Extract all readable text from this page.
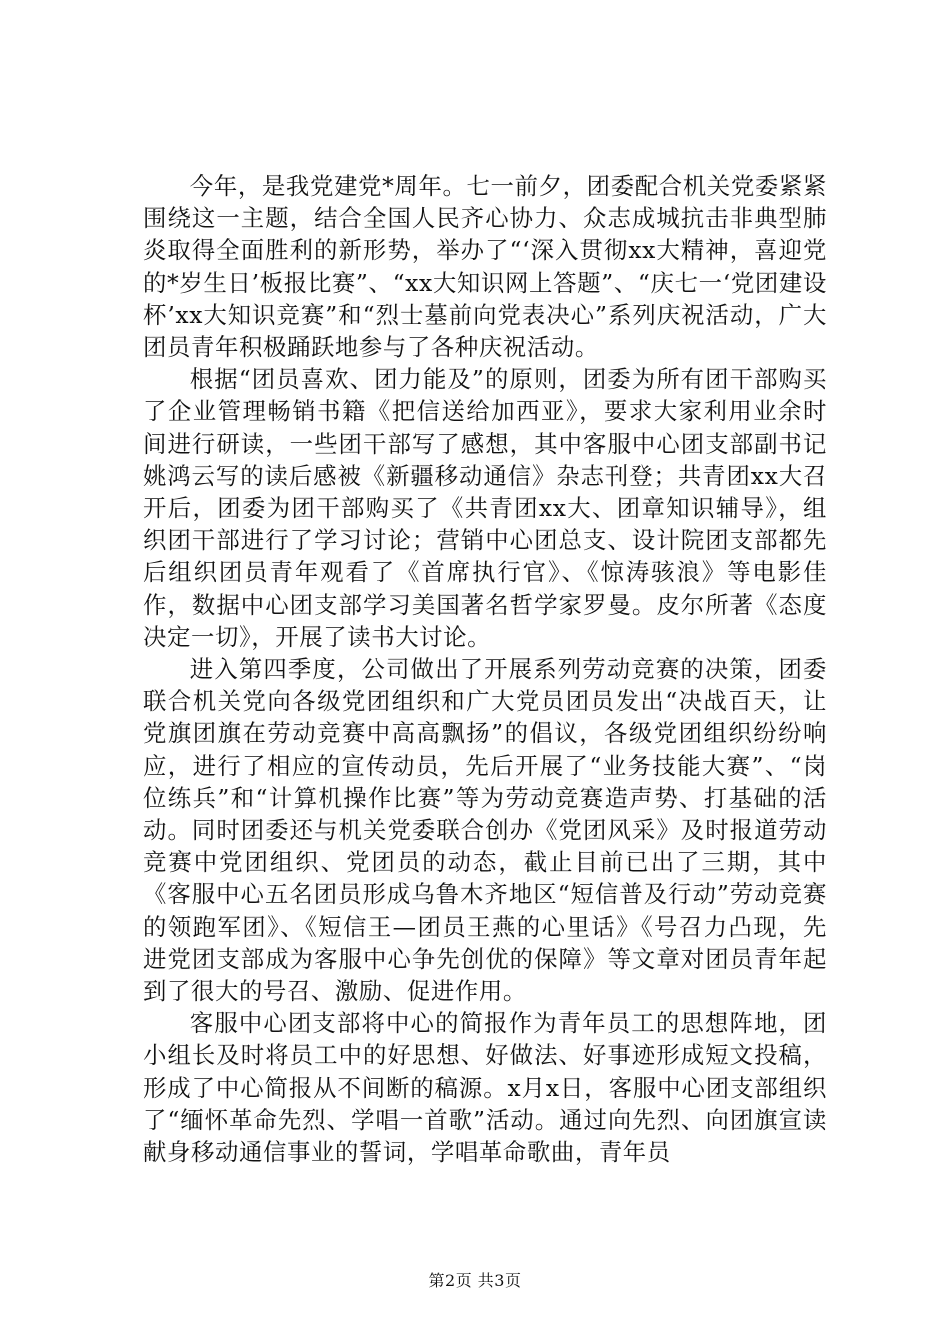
今年，是我党建党*周年。七一前夕，团委配合机关党委紧紧围绕这一主题，结合全国人民齐心协力、众志成城抗击非典型肺炎取得全面胜利的新形势，举办了“‘深入贯彻xx大精神，喜迎党的*岁生日’板报比赛”、“xx大知识网上答题”、“庆七一‘党团建设杯’xx大知识竞赛”和“烈士墓前向党表决心”系列庆祝活动，广大团员青年积极踊跃地参与了各种庆祝活动。

根据“团员喜欢、团力能及”的原则，团委为所有团干部购买了企业管理畅销书籍《把信送给加西亚》，要求大家利用业余时间进行研读，一些团干部写了感想，其中客服中心团支部副书记姚鸿云写的读后感被《新疆移动通信》杂志刊登；共青团xx大召开后，团委为团干部购买了《共青团xx大、团章知识辅导》，组织团干部进行了学习讨论；营销中心团总支、设计院团支部都先后组织团员青年观看了《首席执行官》、《惊涛骇浪》等电影佳作，数据中心团支部学习美国著名哲学家罗曼。皮尔所著《态度决定一切》，开展了读书大讨论。

进入第四季度，公司做出了开展系列劳动竞赛的决策，团委联合机关党向各级党团组织和广大党员团员发出“决战百天，让党旗团旗在劳动竞赛中高高飘扬”的倡议，各级党团组织纷纷响应，进行了相应的宣传动员，先后开展了“业务技能大赛”、“岗位练兵”和“计算机操作比赛”等为劳动竞赛造声势、打基础的活动。同时团委还与机关党委联合创办《党团风采》及时报道劳动竞赛中党团组织、党团员的动态，截止目前已出了三期，其中《客服中心五名团员形成乌鲁木齐地区“短信普及行动”劳动竞赛的领跑军团》、《短信王—团员王燕的心里话》《号召力凸现，先进党团支部成为客服中心争先创优的保障》等文章对团员青年起到了很大的号召、激励、促进作用。

客服中心团支部将中心的简报作为青年员工的思想阵地，团小组长及时将员工中的好思想、好做法、好事迹形成短文投稿，形成了中心简报从不间断的稿源。x月x日，客服中心团支部组织了“缅怀革命先烈、学唱一首歌”活动。通过向先烈、向团旗宣读献身移动通信事业的誓词，学唱革命歌曲，青年员

第2页 共3页
